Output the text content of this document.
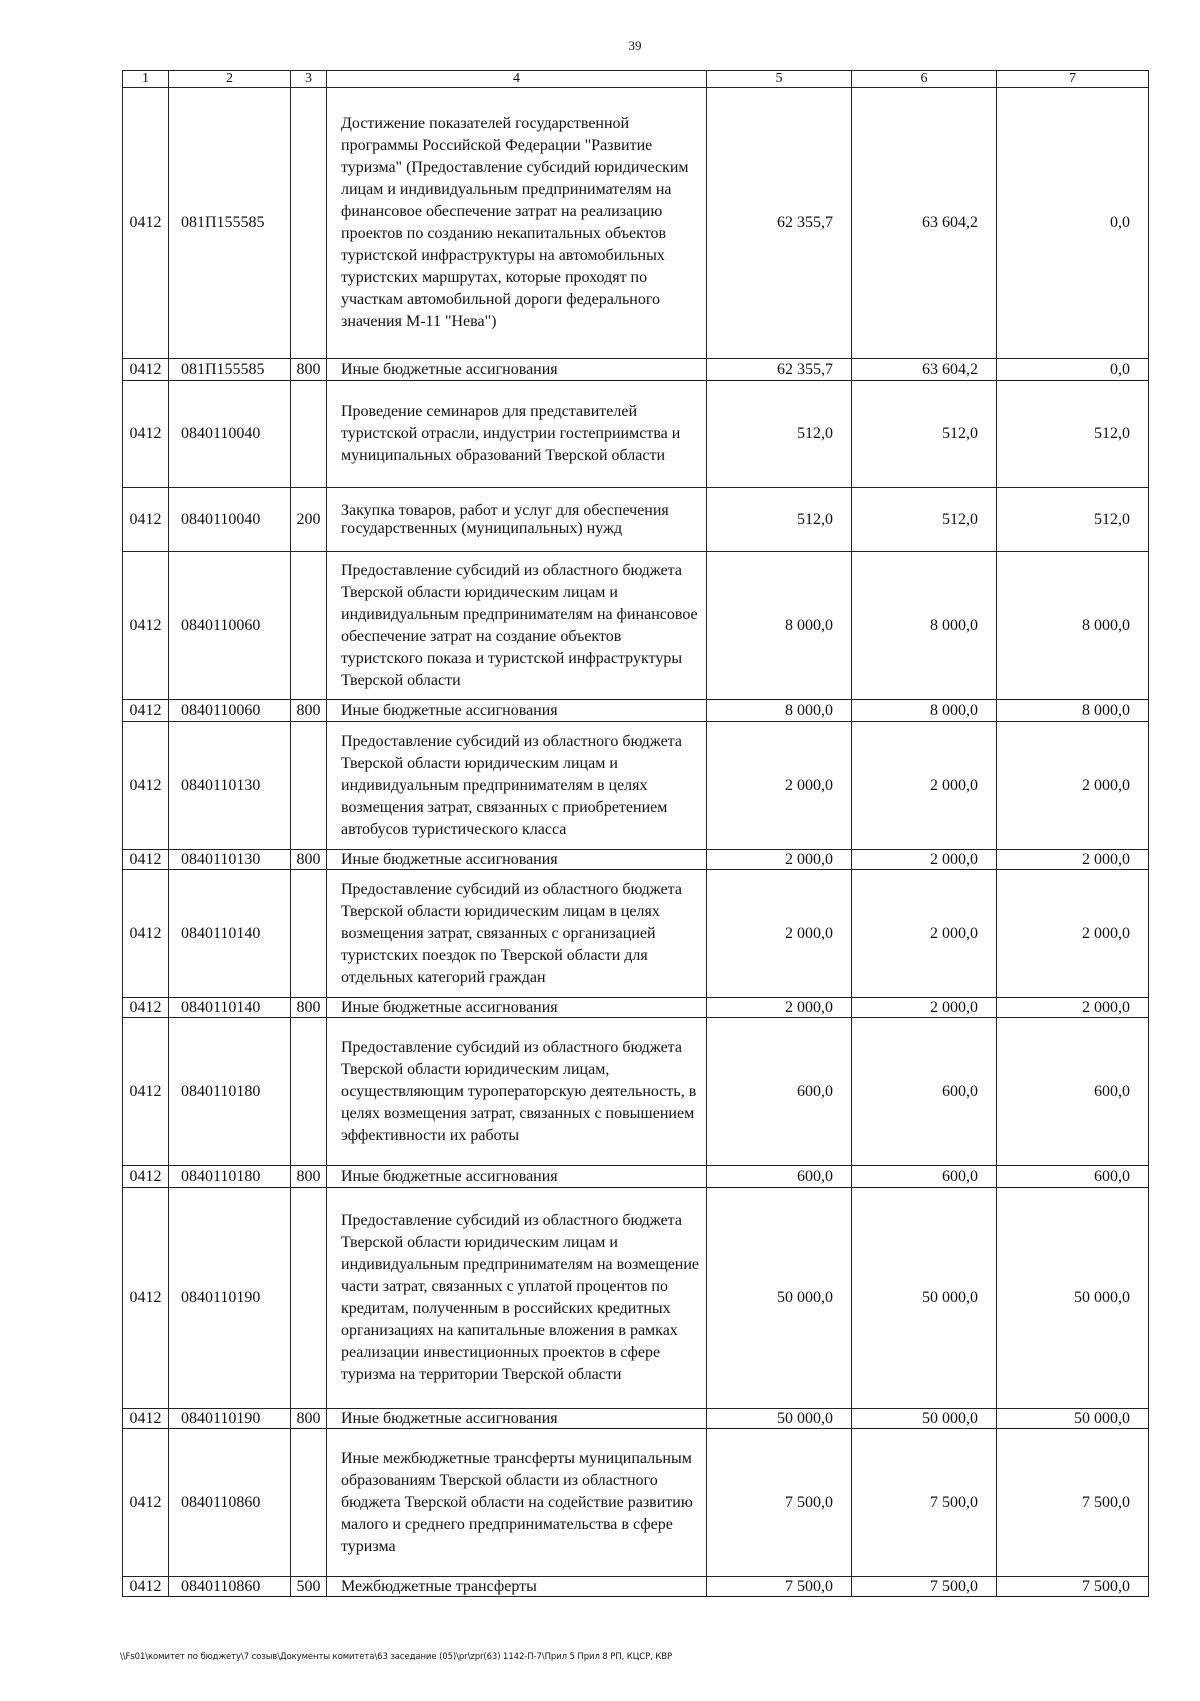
39
1	2	3	4	5	6	7
0412	081П155585		Достижение показателей государственной программы Российской Федерации "Развитие туризма" (Предоставление субсидий юридическим лицам и индивидуальным предпринимателям на финансовое обеспечение затрат на реализацию проектов по созданию некапитальных объектов туристской инфраструктуры на автомобильных туристских маршрутах, которые проходят по участкам автомобильной дороги федерального значения М-11 "Нева")	62 355,7	63 604,2	0,0
0412	081П155585	800	Иные бюджетные ассигнования	62 355,7	63 604,2	0,0
0412	0840110040		Проведение семинаров для представителей туристской отрасли, индустрии гостеприимства и муниципальных образований Тверской области	512,0	512,0	512,0
0412	0840110040	200	Закупка товаров, работ и услуг для обеспечения государственных (муниципальных) нужд	512,0	512,0	512,0
0412	0840110060		Предоставление субсидий из областного бюджета Тверской области юридическим лицам и индивидуальным предпринимателям на финансовое обеспечение затрат на создание объектов туристского показа и туристской инфраструктуры Тверской области	8 000,0	8 000,0	8 000,0
0412	0840110060	800	Иные бюджетные ассигнования	8 000,0	8 000,0	8 000,0
0412	0840110130		Предоставление субсидий из областного бюджета Тверской области юридическим лицам и индивидуальным предпринимателям в целях возмещения затрат, связанных с приобретением автобусов туристического класса	2 000,0	2 000,0	2 000,0
0412	0840110130	800	Иные бюджетные ассигнования	2 000,0	2 000,0	2 000,0
0412	0840110140		Предоставление субсидий из областного бюджета Тверской области юридическим лицам в целях возмещения затрат, связанных с организацией туристских поездок по Тверской области для отдельных категорий граждан	2 000,0	2 000,0	2 000,0
0412	0840110140	800	Иные бюджетные ассигнования	2 000,0	2 000,0	2 000,0
0412	0840110180		Предоставление субсидий из областного бюджета Тверской области юридическим лицам, осуществляющим туроператорскую деятельность, в целях возмещения затрат, связанных с повышением эффективности их работы	600,0	600,0	600,0
0412	0840110180	800	Иные бюджетные ассигнования	600,0	600,0	600,0
0412	0840110190		Предоставление субсидий из областного бюджета Тверской области юридическим лицам и индивидуальным предпринимателям на возмещение части затрат, связанных с уплатой процентов по кредитам, полученным в российских кредитных организациях на капитальные вложения в рамках реализации инвестиционных проектов в сфере туризма на территории Тверской области	50 000,0	50 000,0	50 000,0
0412	0840110190	800	Иные бюджетные ассигнования	50 000,0	50 000,0	50 000,0
0412	0840110860		Иные межбюджетные трансферты муниципальным образованиям Тверской области из областного бюджета Тверской области на содействие развитию малого и среднего предпринимательства в сфере туризма	7 500,0	7 500,0	7 500,0
0412	0840110860	500	Межбюджетные трансферты	7 500,0	7 500,0	7 500,0
\\Fs01\комитет по бюджету\7 созыв\Документы комитета\63 заседание (05)\pr\zpr(63) 1142-П-7\Прил 5 Прил 8 РП, КЦСР, КВР
